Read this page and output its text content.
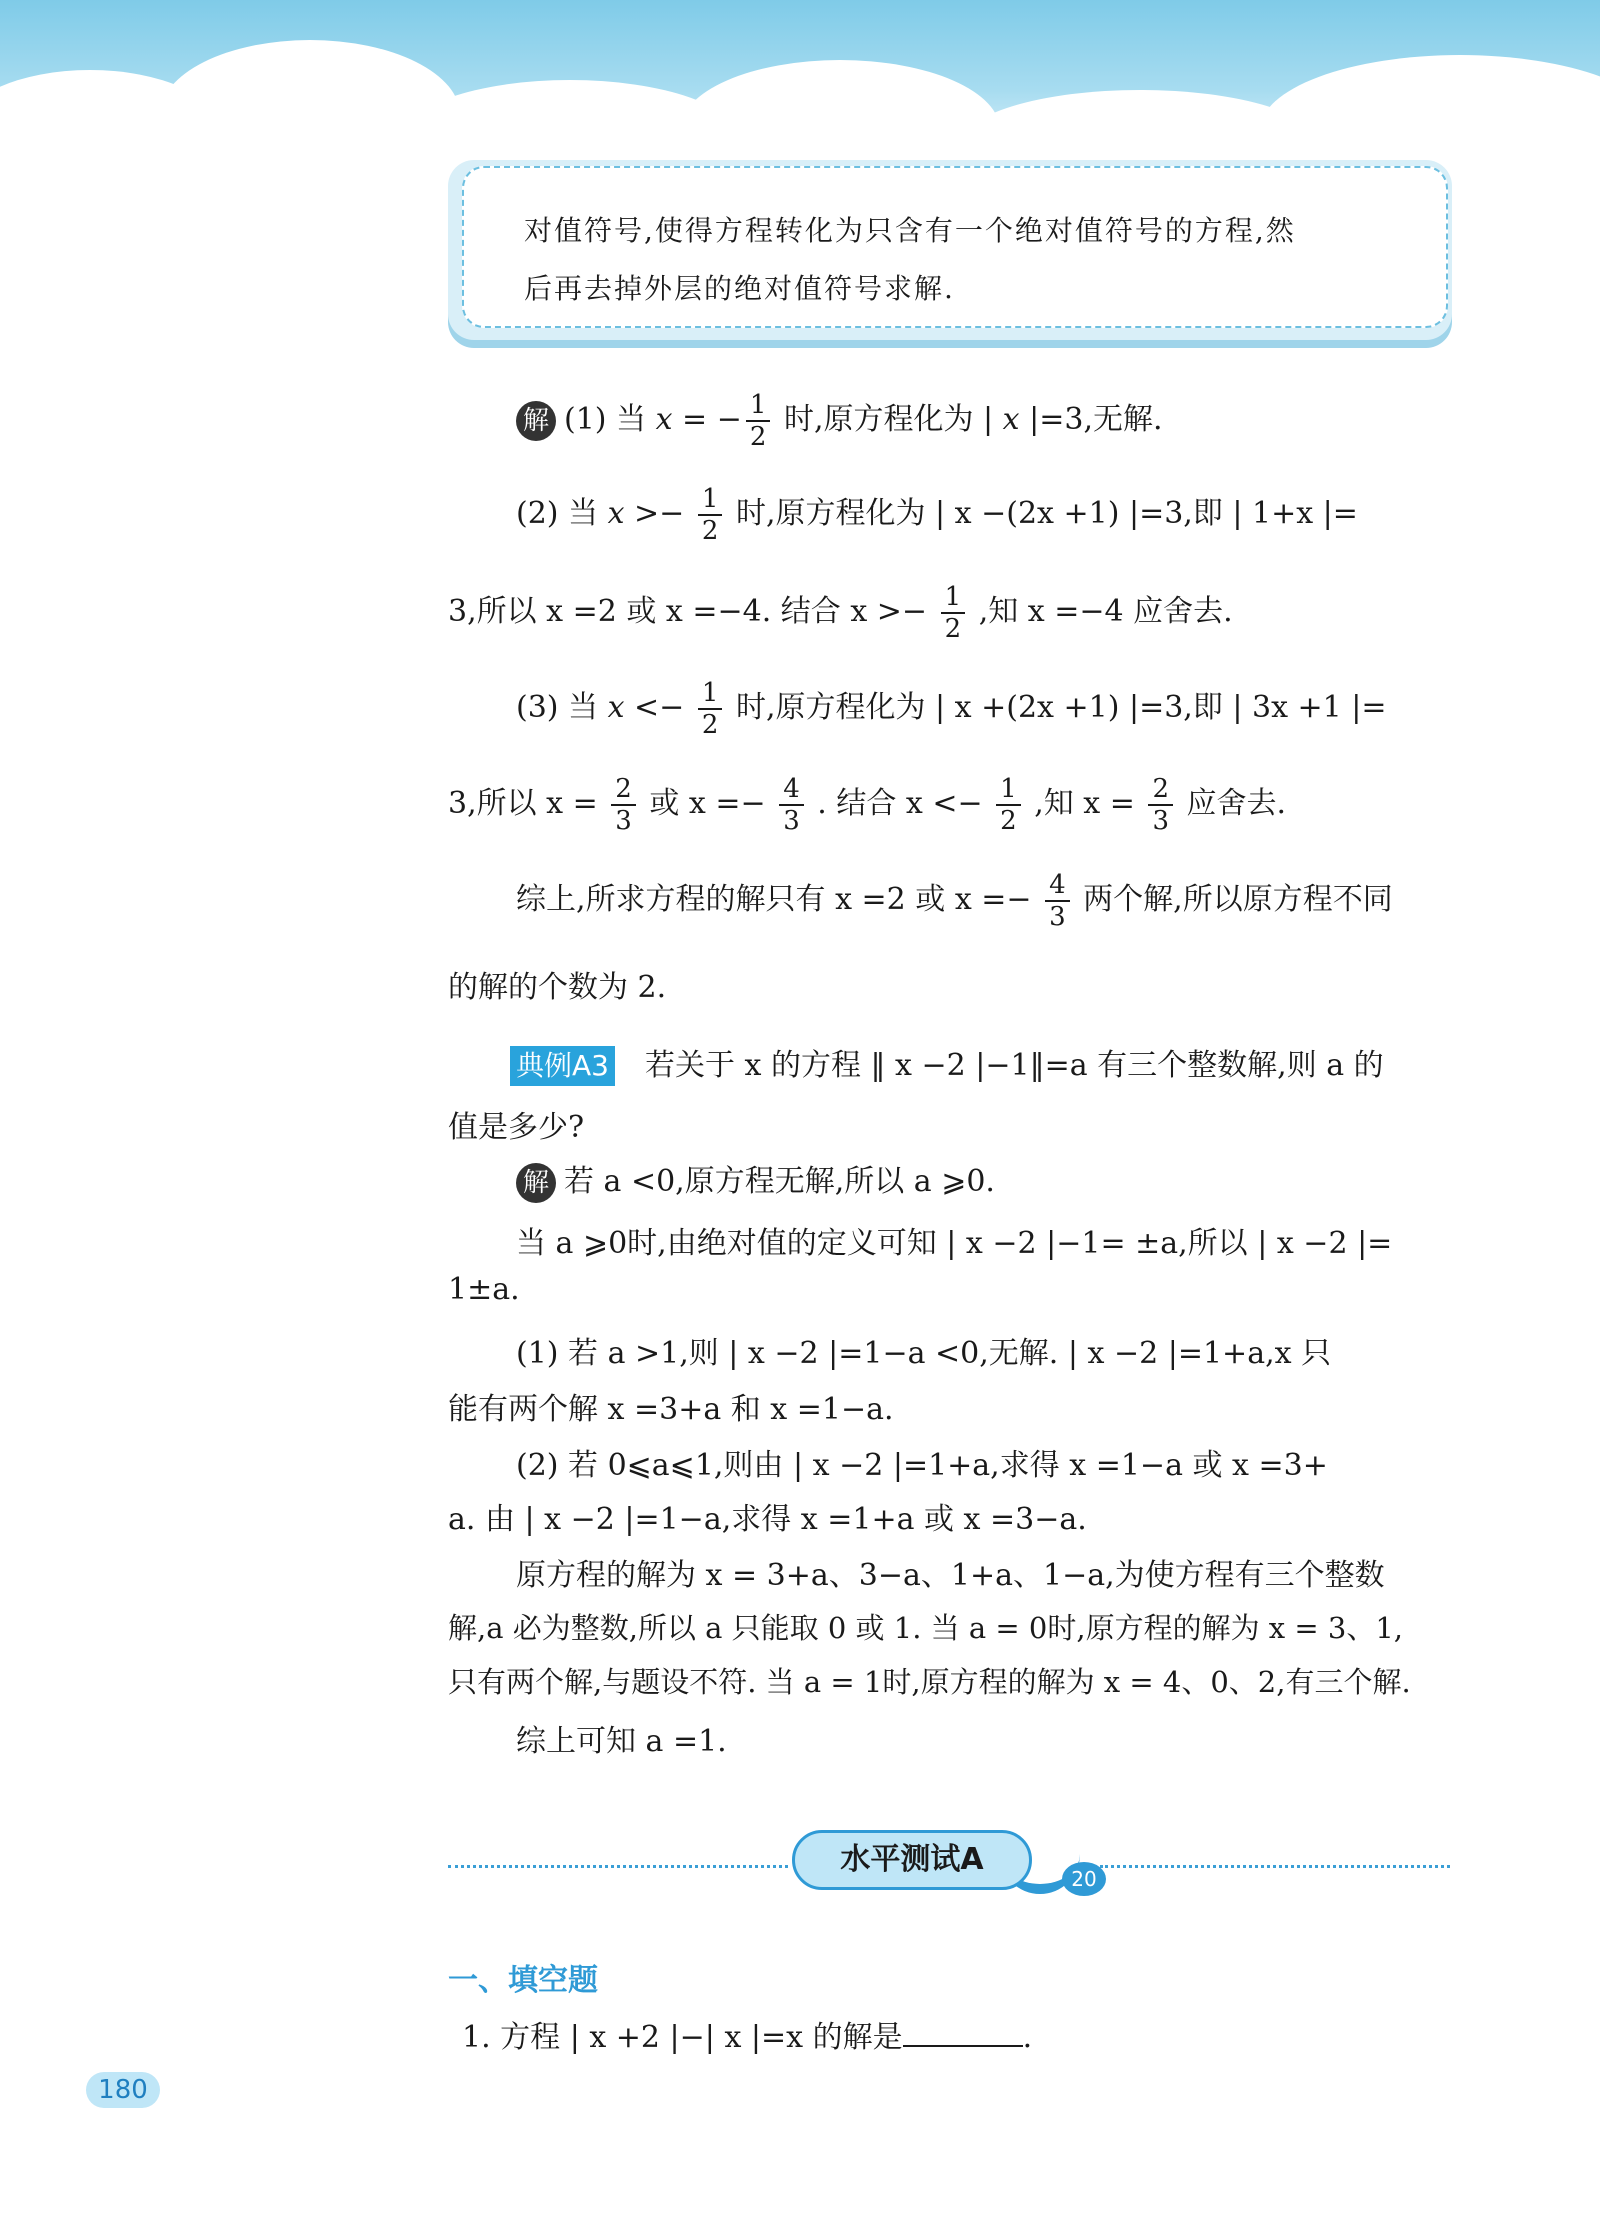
对值符号,使得方程转化为只含有一个绝对值符号的方程,然
后再去掉外层的绝对值符号求解.
解 (1) 当 x = − $\frac{1}{2}$ 时,原方程化为 | x |=3,无解.
(2) 当 $x >- \frac{1}{2}$ 时,原方程化为 | x −(2x +1) |=3,即 | 1+x |=
3,所以 x =2 或 x =−4. 结合 $x >- \frac{1}{2}$ ,知 x =−4 应舍去.
(3) 当 $x <- \frac{1}{2}$ 时,原方程化为 | x +(2x +1) |=3,即 | 3x +1 |=
3,所以 $x = \frac{2}{3}$ 或 $x =- \frac{4}{3}$ . 结合 $x <- \frac{1}{2}$ ,知 $x = \frac{2}{3}$ 应舍去.
综上,所求方程的解只有 x =2 或 $x =- \frac{4}{3}$ 两个解,所以原方程不同
的解的个数为 2.
典例A3 若关于 x 的方程 ‖ x −2 |−1‖=a 有三个整数解,则 a 的
值是多少?
解 若 a <0,原方程无解,所以 a ⩾0.
当 a ⩾0时,由绝对值的定义可知 | x −2 |−1= ±a,所以 | x −2 |=
1±a.
(1) 若 a >1,则 | x −2 |=1−a <0,无解. | x −2 |=1+a,x 只
能有两个解 x =3+a 和 x =1−a.
(2) 若 0⩽a⩽1,则由 | x −2 |=1+a,求得 x =1−a 或 x =3+
a. 由 | x −2 |=1−a,求得 x =1+a 或 x =3−a.
原方程的解为 x = 3+a、3−a、1+a、1−a,为使方程有三个整数
解,a 必为整数,所以 a 只能取 0 或 1. 当 a = 0时,原方程的解为 x = 3、1,
只有两个解,与题设不符. 当 a = 1时,原方程的解为 x = 4、0、2,有三个解.
综上可知 a =1.
水平测试A
20
一、填空题
1. 方程 | x +2 |−| x |=x 的解是	.
180
